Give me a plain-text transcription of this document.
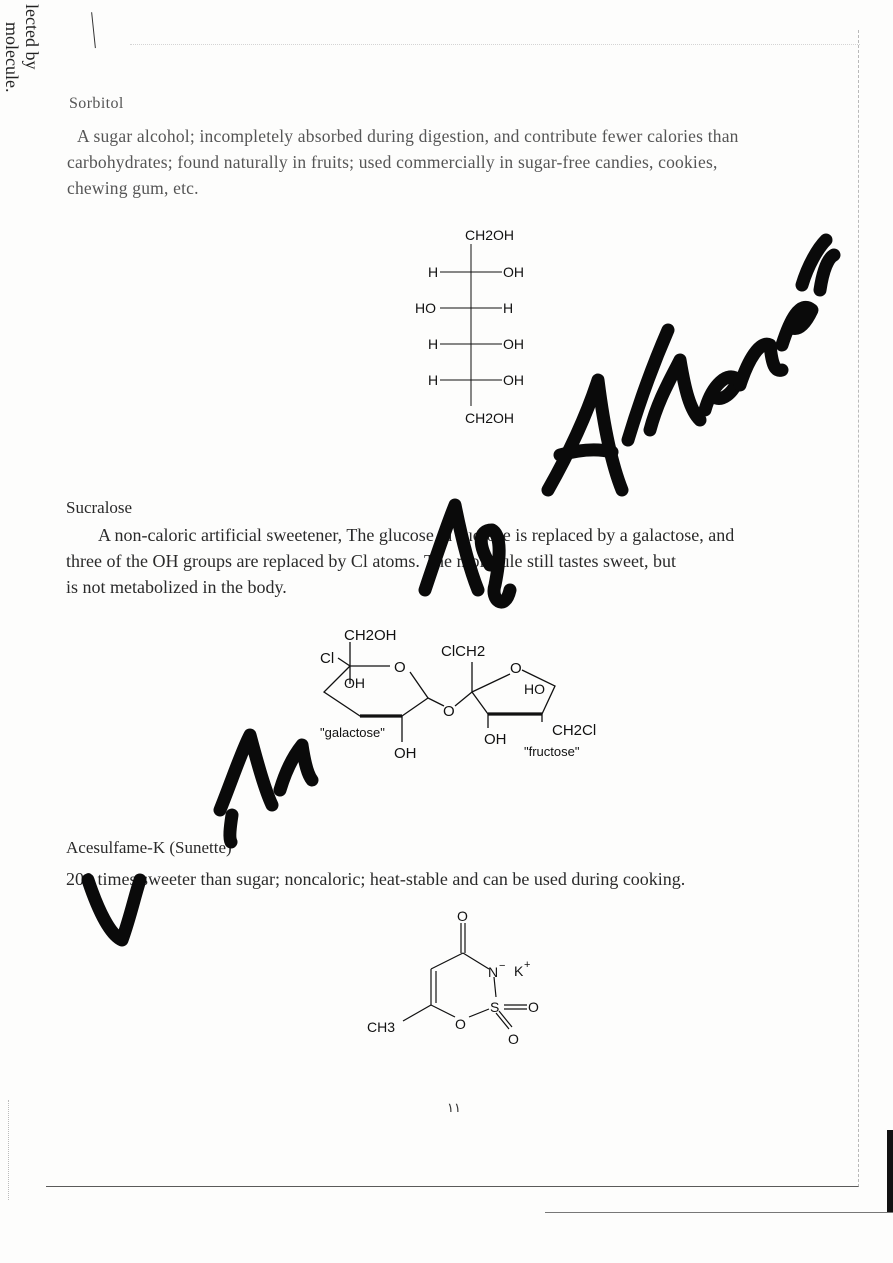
lected by
molecule.
Sorbitol
A sugar alcohol; incompletely absorbed during digestion, and contribute fewer calories than
carbohydrates; found naturally in fruits; used commercially in sugar-free candies, cookies,
chewing gum, etc.
CH2OH
H	OH
HO	H
H	OH
H	OH
CH2OH
Sucralose
A non-caloric artificial sweetener, The glucose in sucrose is replaced by a galactose, and
three of the OH groups are replaced by Cl atoms. The molecule still tastes sweet, but
is not metabolized in the body.
CH2OH
Cl
O
OH
"galactose"
OH
O
ClCH2
O
HO
OH
CH2Cl
"fructose"
Acesulfame-K (Sunette)
200 times sweeter than sugar; noncaloric; heat-stable and can be used during cooking.
O
N − K +
S O
O
O
CH3
١١
